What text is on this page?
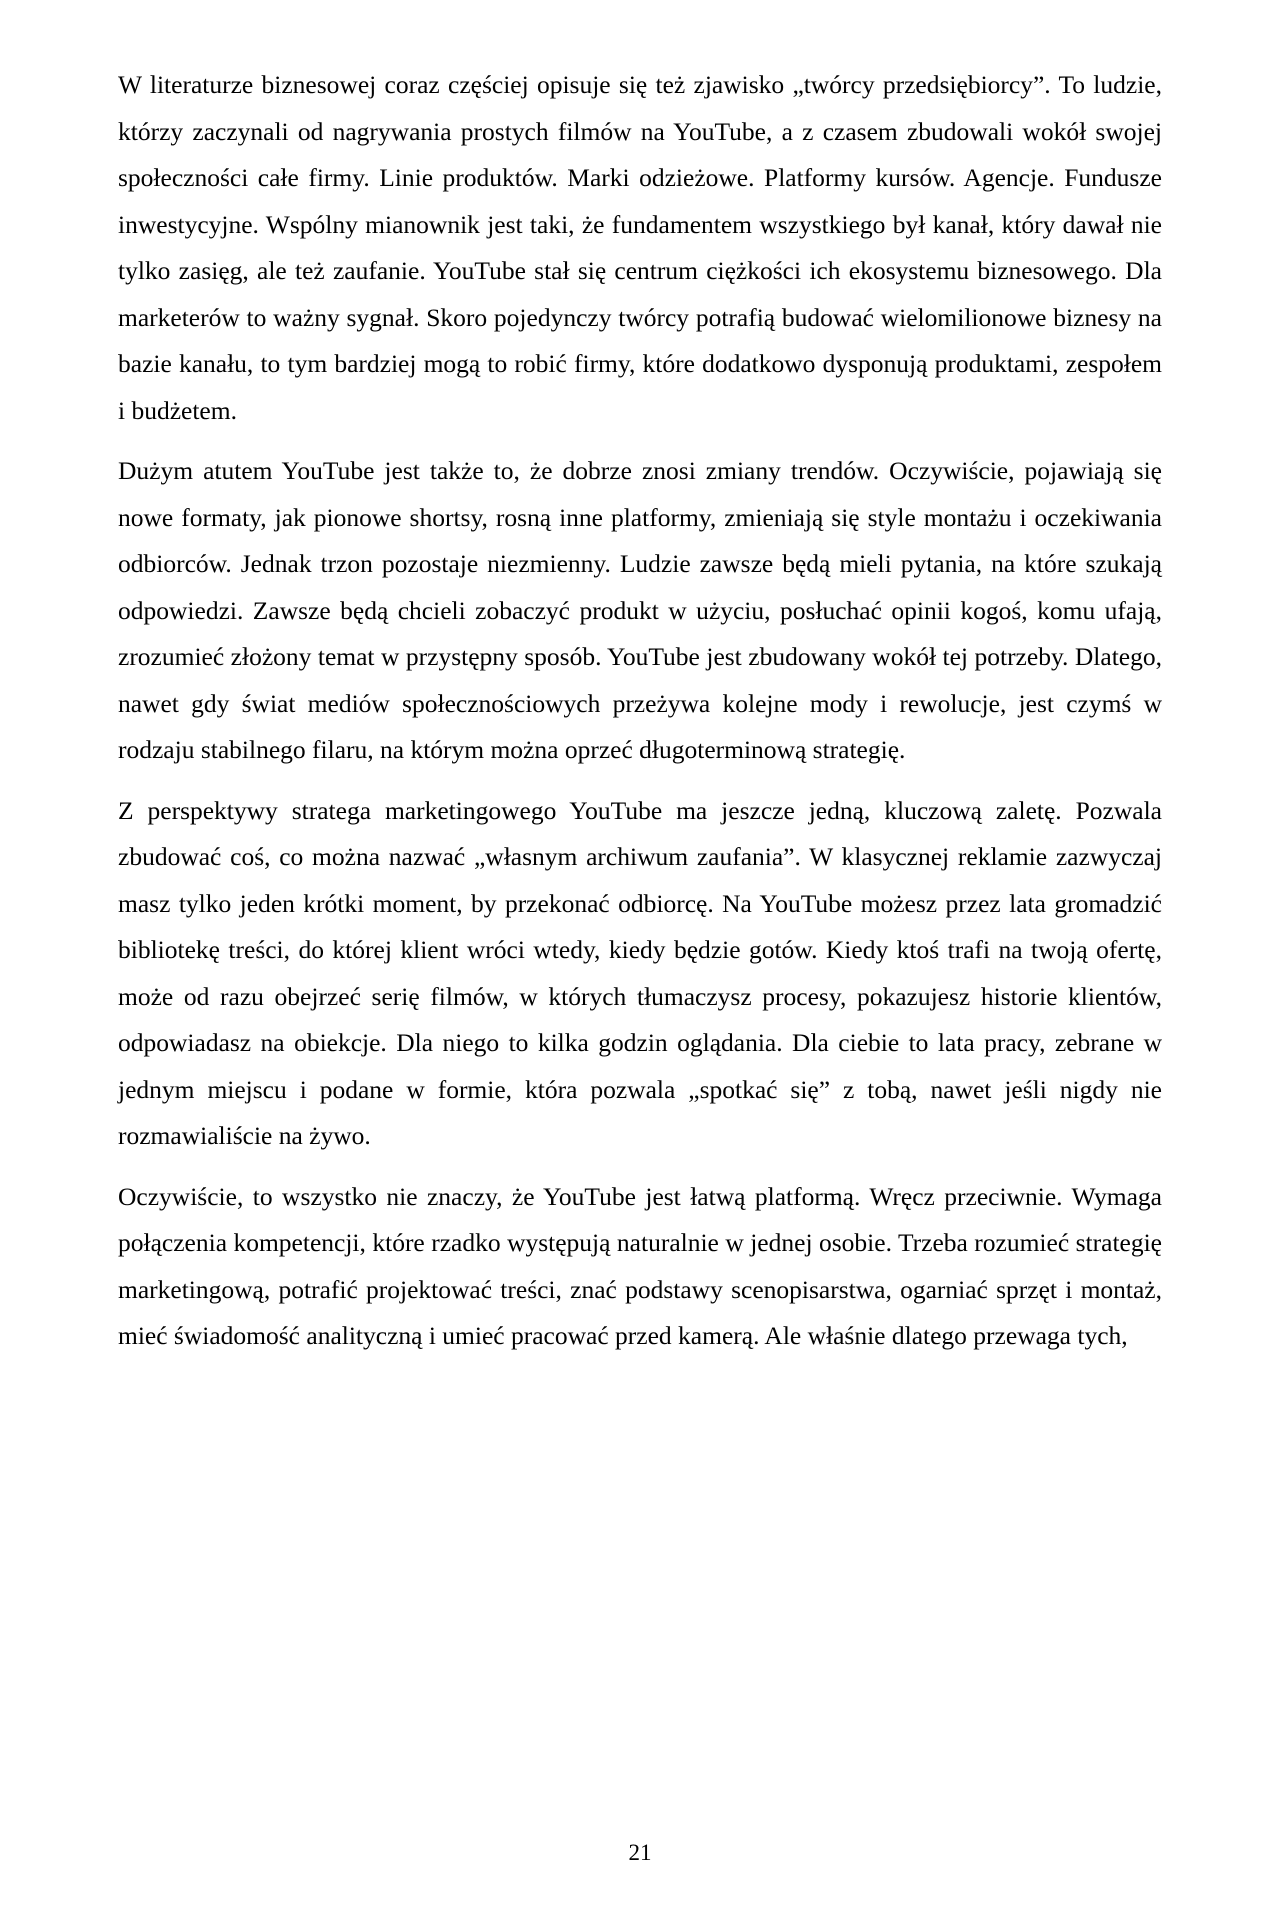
W literaturze biznesowej coraz częściej opisuje się też zjawisko „twórcy przedsiębiorcy”. To ludzie, którzy zaczynali od nagrywania prostych filmów na YouTube, a z czasem zbudowali wokół swojej społeczności całe firmy. Linie produktów. Marki odzieżowe. Platformy kursów. Agencje. Fundusze inwestycyjne. Wspólny mianownik jest taki, że fundamentem wszystkiego był kanał, który dawał nie tylko zasięg, ale też zaufanie. YouTube stał się centrum ciężkości ich ekosystemu biznesowego. Dla marketerów to ważny sygnał. Skoro pojedynczy twórcy potrafią budować wielomilionowe biznesy na bazie kanału, to tym bardziej mogą to robić firmy, które dodatkowo dysponują produktami, zespołem i budżetem.

Dużym atutem YouTube jest także to, że dobrze znosi zmiany trendów. Oczywiście, pojawiają się nowe formaty, jak pionowe shortsy, rosną inne platformy, zmieniają się style montażu i oczekiwania odbiorców. Jednak trzon pozostaje niezmienny. Ludzie zawsze będą mieli pytania, na które szukają odpowiedzi. Zawsze będą chcieli zobaczyć produkt w użyciu, posłuchać opinii kogoś, komu ufają, zrozumieć złożony temat w przystępny sposób. YouTube jest zbudowany wokół tej potrzeby. Dlatego, nawet gdy świat mediów społecznościowych przeżywa kolejne mody i rewolucje, jest czymś w rodzaju stabilnego filaru, na którym można oprzeć długoterminową strategię.

Z perspektywy stratega marketingowego YouTube ma jeszcze jedną, kluczową zaletę. Pozwala zbudować coś, co można nazwać „własnym archiwum zaufania”. W klasycznej reklamie zazwyczaj masz tylko jeden krótki moment, by przekonać odbiorcę. Na YouTube możesz przez lata gromadzić bibliotekę treści, do której klient wróci wtedy, kiedy będzie gotów. Kiedy ktoś trafi na twoją ofertę, może od razu obejrzeć serię filmów, w których tłumaczysz procesy, pokazujesz historie klientów, odpowiadasz na obiekcje. Dla niego to kilka godzin oglądania. Dla ciebie to lata pracy, zebrane w jednym miejscu i podane w formie, która pozwala „spotkać się” z tobą, nawet jeśli nigdy nie rozmawialiście na żywo.

Oczywiście, to wszystko nie znaczy, że YouTube jest łatwą platformą. Wręcz przeciwnie. Wymaga połączenia kompetencji, które rzadko występują naturalnie w jednej osobie. Trzeba rozumieć strategię marketingową, potrafić projektować treści, znać podstawy scenopisarstwa, ogarniać sprzęt i montaż, mieć świadomość analityczną i umieć pracować przed kamerą. Ale właśnie dlatego przewaga tych,

21
